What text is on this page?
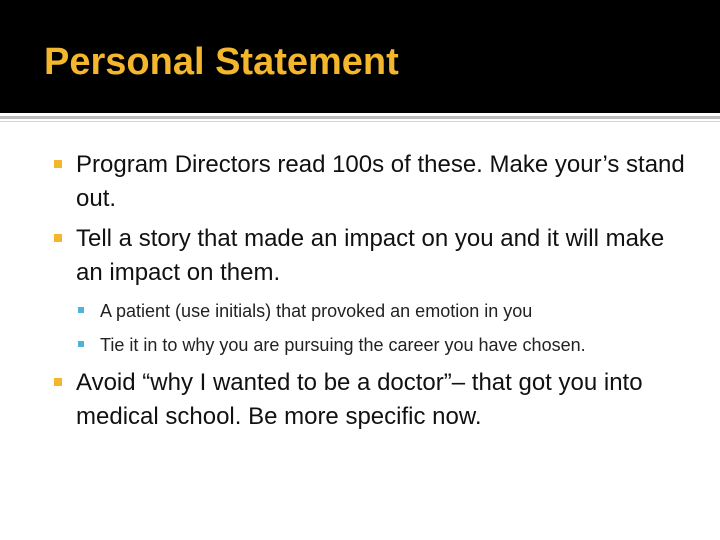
Personal Statement
Program Directors read 100s of these. Make your’s stand out.
Tell a story that made an impact on you and it will make an impact on them.
A patient (use initials) that provoked an emotion in you
Tie it in to why you are pursuing the career you have chosen.
Avoid “why I wanted to be a doctor”– that got you into medical school. Be more specific now.
